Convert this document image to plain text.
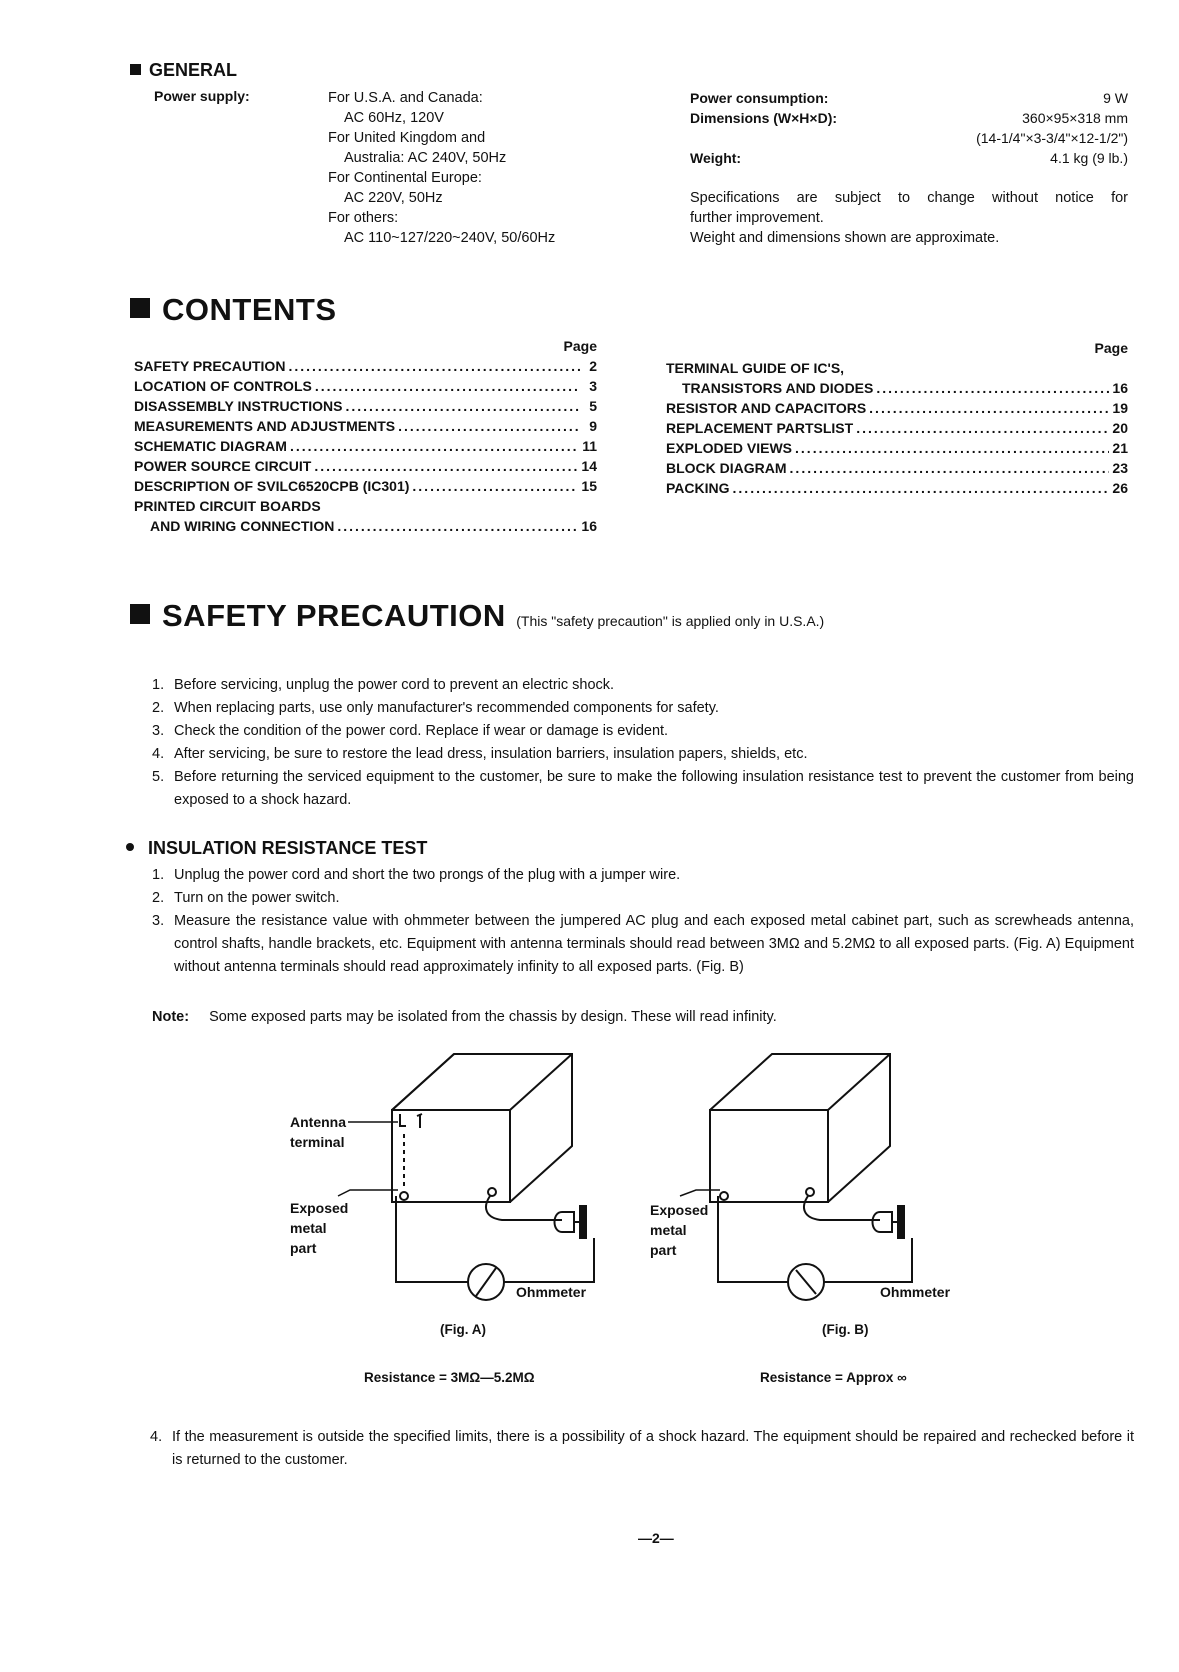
GENERAL
Power supply:	For U.S.A. and Canada:
AC 60Hz, 120V
For United Kingdom and
Australia: AC 240V, 50Hz
For Continental Europe:
AC 220V, 50Hz
For others:
AC 110~127/220~240V, 50/60Hz
Power consumption:	9 W
Dimensions (W×H×D):	360×95×318 mm
(14-1/4"×3-3/4"×12-1/2")
Weight:	4.1 kg (9 lb.)
Specifications are subject to change without notice for
further improvement.
Weight and dimensions shown are approximate.
CONTENTS
Page
SAFETY PRECAUTION .....	2
LOCATION OF CONTROLS .....	3
DISASSEMBLY INSTRUCTIONS .....	5
MEASUREMENTS AND ADJUSTMENTS .....	9
SCHEMATIC DIAGRAM .....	11
POWER SOURCE CIRCUIT .....	14
DESCRIPTION OF SVILC6520CPB (IC301) .....	15
PRINTED CIRCUIT BOARDS
AND WIRING CONNECTION .....	16
Page
TERMINAL GUIDE OF IC'S,
TRANSISTORS AND DIODES .....	16
RESISTOR AND CAPACITORS .....	19
REPLACEMENT PARTSLIST .....	20
EXPLODED VIEWS .....	21
BLOCK DIAGRAM .....	23
PACKING .....	26
SAFETY PRECAUTION (This "safety precaution" is applied only in U.S.A.)
1. Before servicing, unplug the power cord to prevent an electric shock.
2. When replacing parts, use only manufacturer's recommended components for safety.
3. Check the condition of the power cord. Replace if wear or damage is evident.
4. After servicing, be sure to restore the lead dress, insulation barriers, insulation papers, shields, etc.
5. Before returning the serviced equipment to the customer, be sure to make the following insulation resistance test to prevent the customer from being exposed to a shock hazard.
INSULATION RESISTANCE TEST
1. Unplug the power cord and short the two prongs of the plug with a jumper wire.
2. Turn on the power switch.
3. Measure the resistance value with ohmmeter between the jumpered AC plug and each exposed metal cabinet part, such as screwheads antenna, control shafts, handle brackets, etc. Equipment with antenna terminals should read between 3MΩ and 5.2MΩ to all exposed parts. (Fig. A) Equipment without antenna terminals should read approximately infinity to all exposed parts. (Fig. B)
Note: Some exposed parts may be isolated from the chassis by design. These will read infinity.
Antenna
terminal
Exposed
metal
part
Ohmmeter
(Fig. A)
Resistance = 3MΩ—5.2MΩ
Exposed
metal
part
Ohmmeter
(Fig. B)
Resistance = Approx ∞
4. If the measurement is outside the specified limits, there is a possibility of a shock hazard. The equipment should be repaired and rechecked before it is returned to the customer.
—2—
